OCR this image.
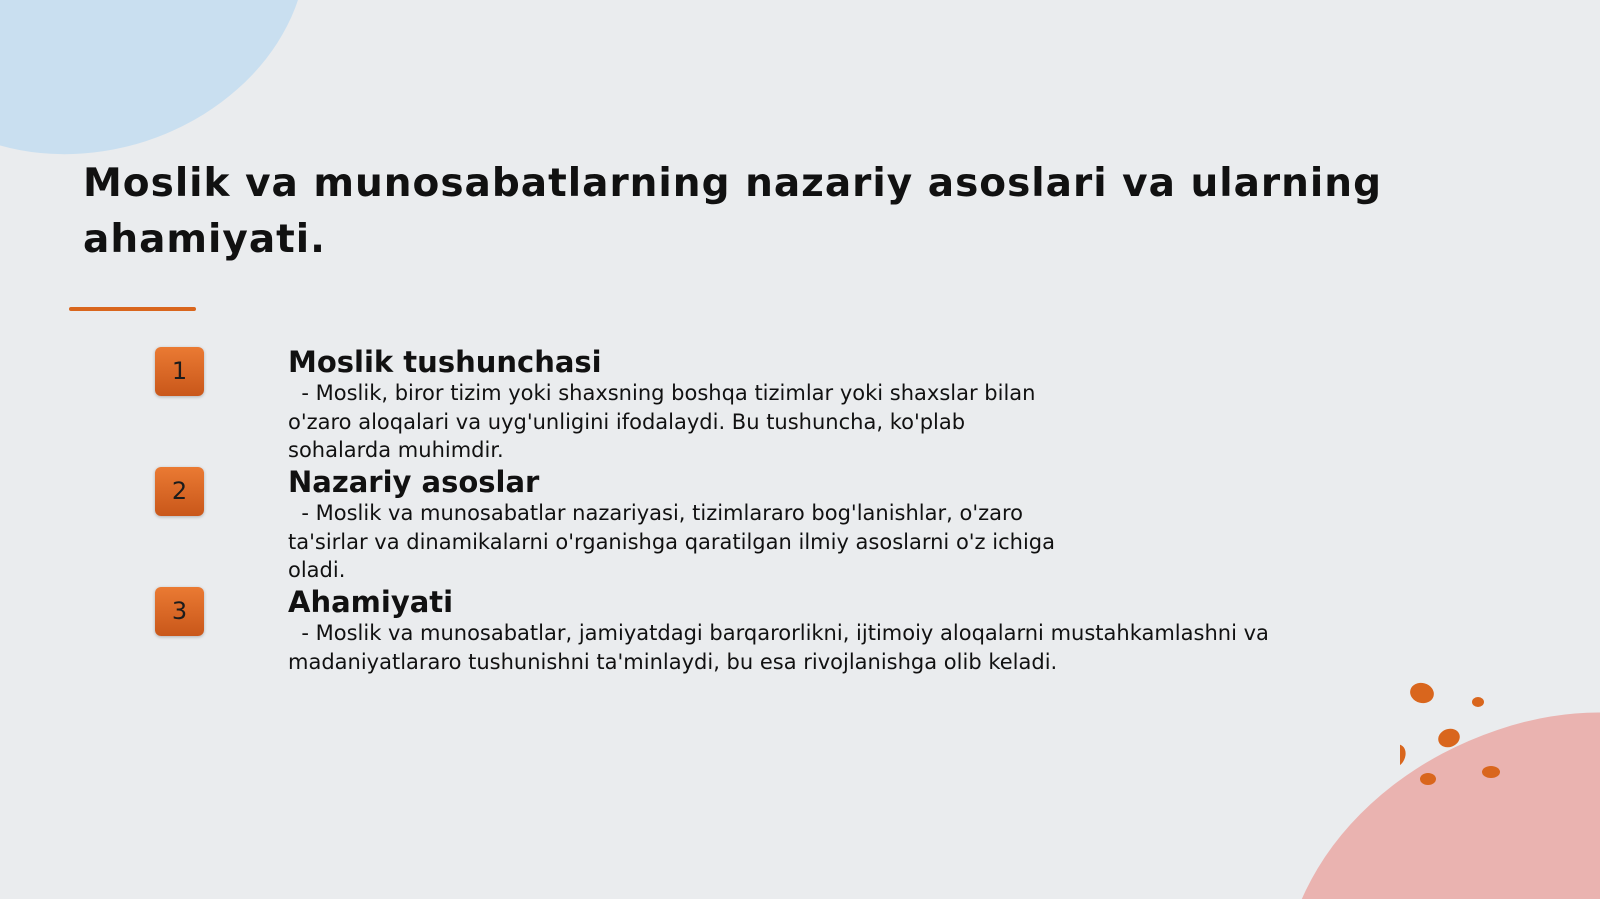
Moslik va munosabatlarning nazariy asoslari va ularning ahamiyati.
1	Moslik tushunchasi
- Moslik, biror tizim yoki shaxsning boshqa tizimlar yoki shaxslar bilan
o'zaro aloqalari va uyg'unligini ifodalaydi. Bu tushuncha, ko'plab
sohalarda muhimdir.
2	Nazariy asoslar
- Moslik va munosabatlar nazariyasi, tizimlararo bog'lanishlar, o'zaro
ta'sirlar va dinamikalarni o'rganishga qaratilgan ilmiy asoslarni o'z ichiga
oladi.
3	Ahamiyati
- Moslik va munosabatlar, jamiyatdagi barqarorlikni, ijtimoiy aloqalarni mustahkamlashni va
madaniyatlararo tushunishni ta'minlaydi, bu esa rivojlanishga olib keladi.
